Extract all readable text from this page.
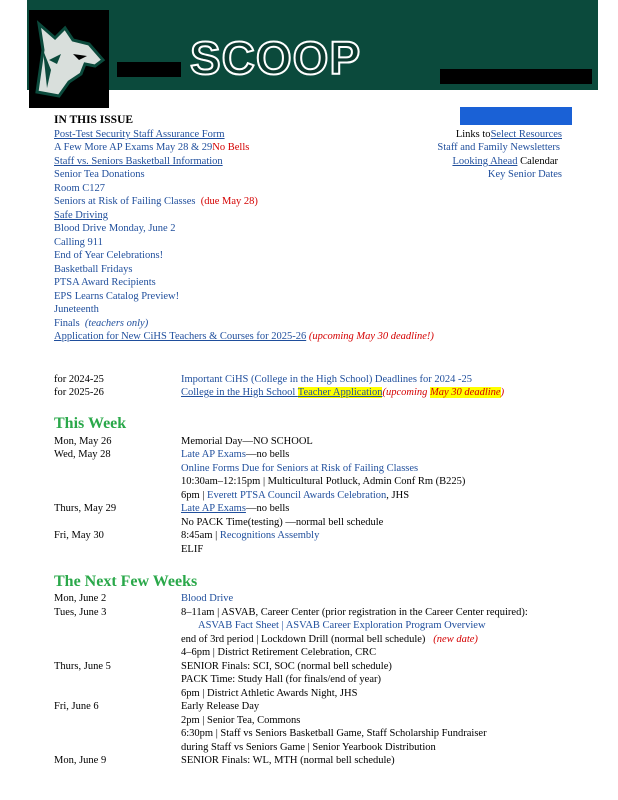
SCOOP
IN THIS ISSUE
Post-Test Security Staff Assurance Form
A Few More AP Exams May 28 & 29No Bells
Staff vs. Seniors Basketball Information
Senior Tea Donations
Room C127
Seniors at Risk of Failing Classes (due May 28)
Safe Driving
Blood Drive Monday, June 2
Calling 911
End of Year Celebrations!
Basketball Fridays
PTSA Award Recipients
EPS Learns Catalog Preview!
Juneteenth
Finals (teachers only)
Application for New CiHS Teachers & Courses for 2025-26 (upcoming May 30 deadline!)
Links toSelect Resources
Staff and Family Newsletters
Looking Ahead Calendar
Key Senior Dates
for 2024-25	Important CiHS (College in the High School) Deadlines for 2024 -25
for 2025-26	College in the High School Teacher Application(upcoming May 30 deadline)
This Week
Mon, May 26	Memorial Day—NO SCHOOL
Wed, May 28	Late AP Exams—no bells
Online Forms Due for Seniors at Risk of Failing Classes
10:30am–12:15pm | Multicultural Potluck, Admin Conf Rm (B225)
6pm | Everett PTSA Council Awards Celebration, JHS
Thurs, May 29	Late AP Exams—no bells
No PACK Time(testing) —normal bell schedule
Fri, May 30	8:45am | Recognitions Assembly
ELIF
The Next Few Weeks
Mon, June 2	Blood Drive
Tues, June 3	8–11am | ASVAB, Career Center (prior registration in the Career Center required):
ASVAB Fact Sheet | ASVAB Career Exploration Program Overview
end of 3rd period | Lockdown Drill (normal bell schedule) (new date)
4–6pm | District Retirement Celebration, CRC
Thurs, June 5	SENIOR Finals: SCI, SOC (normal bell schedule)
PACK Time: Study Hall (for finals/end of year)
6pm | District Athletic Awards Night, JHS
Fri, June 6	Early Release Day
2pm | Senior Tea, Commons
6:30pm | Staff vs Seniors Basketball Game, Staff Scholarship Fundraiser
during Staff vs Seniors Game | Senior Yearbook Distribution
Mon, June 9	SENIOR Finals: WL, MTH (normal bell schedule)
